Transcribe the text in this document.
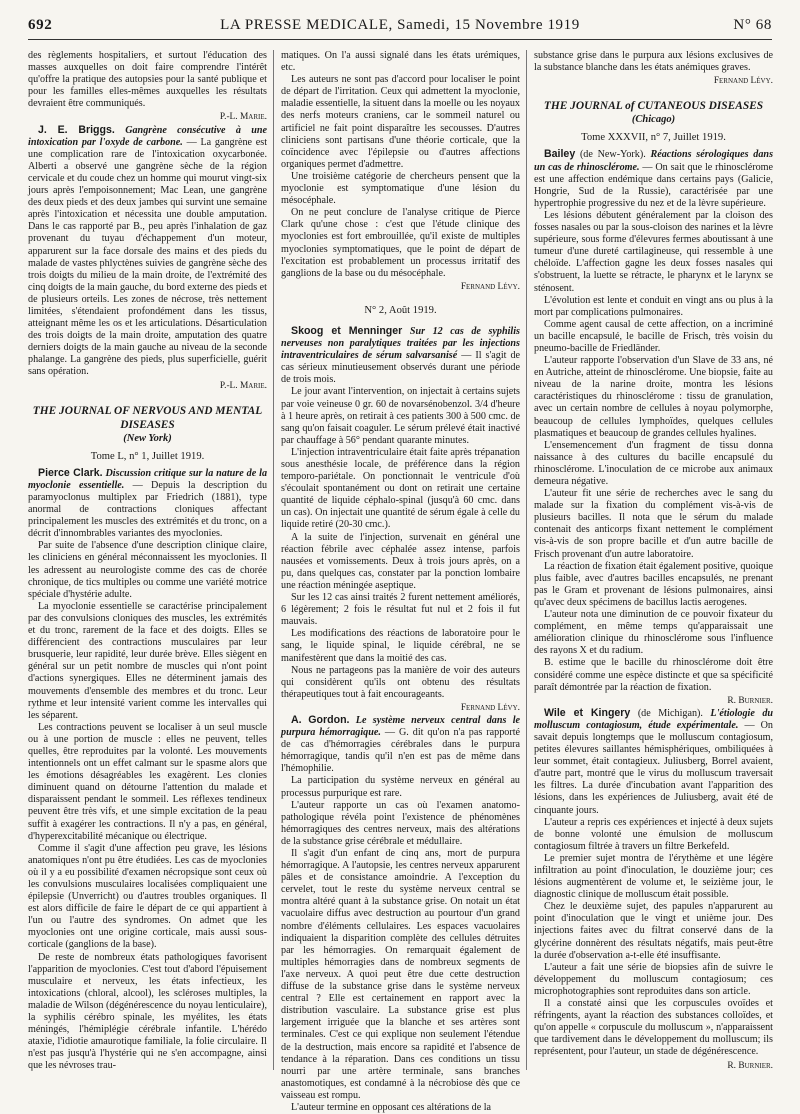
692	LA PRESSE MEDICALE, Samedi, 15 Novembre 1919	N° 68

des règlements hospitaliers, et surtout l'éducation des masses auxquelles on doit faire comprendre l'intérêt qu'offre la pratique des autopsies pour la santé publique et pour les familles elles-mêmes auxquelles les résultats devraient être communiqués.

P.-L. Marie.

J. E. Briggs. Gangrène consécutive à une intoxication par l'oxyde de carbone. — La gangrène est une complication rare de l'intoxication oxycarbonée. Alberti a observé une gangrène sèche de la région cervicale et du coude chez un homme qui mourut vingt-six jours après l'empoisonnement; Mac Lean, une gangrène des deux pieds et des deux jambes qui survint une semaine après l'intoxication et nécessita une double amputation. Dans le cas rapporté par B., peu après l'inhalation de gaz provenant du tuyau d'échappement d'un moteur, apparurent sur la face dorsale des mains et des pieds du malade de vastes phlyctènes suivies de gangrène sèche des trois doigts du milieu de la main droite, de l'extrémité des cinq doigts de la main gauche, du bord externe des pieds et de plusieurs orteils. Les zones de nécrose, très nettement limitées, s'étendaient profondément dans les tissus, atteignant même les os et les articulations. Désarticulation des trois doigts de la main droite, amputation des quatre derniers doigts de la main gauche au niveau de la seconde phalange. La gangrène des pieds, plus superficielle, guérit sans opération.

P.-L. Marie.
THE JOURNAL OF NERVOUS AND MENTAL DISEASES
(New York)
Tome L, n° 1, Juillet 1919.

Pierce Clark. Discussion critique sur la nature de la myoclonie essentielle. — Depuis la description du paramyoclonus multiplex par Friedrich (1881), type anormal de contractions cloniques affectant principalement les muscles des extrémités et du tronc, on a décrit d'innombrables variantes des myoclonies.

Par suite de l'absence d'une description clinique claire, les cliniciens en général méconnaissent les myoclonies. Il les adressent au neurologiste comme des cas de chorée chronique, de tics multiples ou comme une variété motrice spéciale d'hystérie adulte.

La myoclonie essentielle se caractérise principalement par des convulsions cloniques des muscles, les extrémités et du tronc, rarement de la face et des doigts. Elles se différencient des contractions musculaires par leur brusquerie, leur rapidité, leur durée brève. Elles siègent en général sur un petit nombre de muscles qui n'ont point d'actions synergiques. Elles ne déterminent jamais des mouvements d'ensemble des membres et du tronc. Leur rythme et leur intensité varient comme les intervalles qui les séparent.

Les contractions peuvent se localiser à un seul muscle ou à une portion de muscle : elles ne peuvent, telles quelles, être reproduites par la volonté. Les mouvements intentionnels ont un effet calmant sur le spasme alors que les émotions désagréables les exagèrent. Les clonies diminuent quand on détourne l'attention du malade et disparaissent pendant le sommeil. Les réflexes tendineux peuvent être très vifs, et une simple excitation de la peau suffit à exagérer les contractions. Il n'y a pas, en général, d'hyperexcitabilité mécanique ou électrique.

Comme il s'agit d'une affection peu grave, les lésions anatomiques n'ont pu être étudiées. Les cas de myoclonies où il y a eu possibilité d'examen nécropsique sont ceux où les convulsions musculaires localisées compliquaient une épilepsie (Unverricht) ou d'autres troubles organiques. Il est alors difficile de faire le départ de ce qui appartient à l'un ou l'autre des syndromes. On admet que les myoclonies ont une origine corticale, mais aussi sous-corticale (ganglions de la base).

De reste de nombreux états pathologiques favorisent l'apparition de myoclonies. C'est tout d'abord l'épuisement musculaire et nerveux, les états infectieux, les intoxications (chloral, alcool), les scléroses multiples, la maladie de Wilson (dégénérescence du noyau lenticulaire), la syphilis cérébro spinale, les myélites, les états méningés, l'hémiplégie cérébrale infantile. L'hérédo ataxie, l'idiotie amaurotique familiale, la folie circulaire. Il n'est pas jusqu'à l'hystérie qui ne s'en accompagne, ainsi que les névroses trau-

matiques. On l'a aussi signalé dans les états urémiques, etc.

Les auteurs ne sont pas d'accord pour localiser le point de départ de l'irritation. Ceux qui admettent la myoclonie, maladie essentielle, la situent dans la moelle ou les noyaux des nerfs moteurs craniens, car le sommeil naturel ou artificiel ne fait point disparaître les secousses. D'autres cliniciens sont partisans d'une théorie corticale, que la coïncidence avec l'épilepsie ou d'autres affections organiques permet d'admettre.

Une troisième catégorie de chercheurs pensent que la myoclonie est symptomatique d'une lésion du mésocéphale.

On ne peut conclure de l'analyse critique de Pierce Clark qu'une chose : c'est que l'étude clinique des myoclonies est fort embrouillée, qu'il existe de multiples myoclonies symptomatiques, que le point de départ de l'excitation est probablement un processus irritatif des ganglions de la base ou du mésocéphale.

Fernand Lévy.
N° 2, Août 1919.

Skoog et Menninger Sur 12 cas de syphilis nerveuses non paralytiques traitées par les injections intraventriculaires de sérum salvarsanisé — Il s'agit de cas sérieux minutieusement observés durant une période de trois mois.

Le jour avant l'intervention, on injectait à certains sujets par voie veineuse 0 gr. 60 de novarsénobenzol. 3/4 d'heure à 1 heure après, on retirait à ces patients 300 à 500 cmc. de sang qu'on faisait coaguler. Le sérum prélevé était inactivé par chauffage à 56° pendant quarante minutes.

L'injection intraventriculaire était faite après trépanation sous anesthésie locale, de préférence dans la région temporo-pariétale. On ponctionnait le ventricule d'où s'écoulait spontanément ou dont on retirait une certaine quantité de liquide céphalo-spinal (jusqu'à 60 cmc. dans un cas). On injectait une quantité de sérum égale à celle du liquide retiré (20-30 cmc.).

A la suite de l'injection, survenait en général une réaction fébrile avec céphalée assez intense, parfois nausées et vomissements. Deux à trois jours après, on a pu, dans quelques cas, constater par la ponction lombaire une réaction méningée aseptique.

Sur les 12 cas ainsi traités 2 furent nettement améliorés, 6 légèrement; 2 fois le résultat fut nul et 2 fois il fut mauvais.

Les modifications des réactions de laboratoire pour le sang, le liquide spinal, le liquide cérébral, ne se manifestèrent que dans la moitié des cas.

Nous ne partageons pas la manière de voir des auteurs qui considèrent qu'ils ont obtenu des résultats thérapeutiques tout à fait encourageants.

Fernand Lévy.

A. Gordon. Le système nerveux central dans le purpura hémorragique. — G. dit qu'on n'a pas rapporté de cas d'hémorragies cérébrales dans le purpura hémorragique, tandis qu'il n'en est pas de même dans l'hémophilie.

La participation du système nerveux en général au processus purpurique est rare.

L'auteur rapporte un cas où l'examen anatomo-pathologique révéla point l'existence de phénomènes hémorragiques des centres nerveux, mais des altérations de la substance grise cérébrale et médullaire.

Il s'agit d'un enfant de cinq ans, mort de purpura hémorragique. A l'autopsie, les centres nerveux apparurent pâles et de consistance amoindrie. A l'exception du cervelet, tout le reste du système nerveux central se montra altéré quant à la substance grise. On notait un état vacuolaire diffus avec destruction au pourtour d'un grand nombre d'éléments cellulaires. Les espaces vacuolaires indiquaient la disparition complète des cellules détruites par les hémorragies. On remarquait également de multiples hémorragies dans de nombreux segments de l'axe nerveux. A quoi peut être due cette destruction diffuse de la substance grise dans le système nerveux central ? Elle est certainement en rapport avec la distribution vasculaire. La substance grise est plus largement irriguée que la blanche et ses artères sont terminales. C'est ce qui explique non seulement l'étendue de la destruction, mais encore sa rapidité et l'absence de tendance à la réparation. Dans ces conditions un tissu nourri par une artère terminale, sans branches anastomotiques, est condamné à la nécrobiose dès que ce vaisseau est rompu.

L'auteur termine en opposant ces altérations de la

substance grise dans le purpura aux lésions exclusives de la substance blanche dans les états anémiques graves.

Fernand Lévy.
THE JOURNAL of CUTANEOUS DISEASES
(Chicago)
Tome XXXVII, n° 7, Juillet 1919.

Bailey (de New-York). Réactions sérologiques dans un cas de rhinosclérome. — On sait que le rhinosclérome est une affection endémique dans certains pays (Galicie, Hongrie, Sud de la Russie), caractérisée par une hypertrophie progressive du nez et de la lèvre supérieure.

Les lésions débutent généralement par la cloison des fosses nasales ou par la sous-cloison des narines et la lèvre supérieure, sous forme d'élevures fermes aboutissant à une tumeur d'une dureté cartilagineuse, qui ressemble à une chéloïde. L'affection gagne les deux fosses nasales qui s'obstruent, la luette se rétracte, le pharynx et le larynx se sténosent.

L'évolution est lente et conduit en vingt ans ou plus à la mort par complications pulmonaires.

Comme agent causal de cette affection, on a incriminé un bacille encapsulé, le bacille de Frisch, très voisin du pneumo-bacille de Friedländer.

L'auteur rapporte l'observation d'un Slave de 33 ans, né en Autriche, atteint de rhinosclérome. Une biopsie, faite au niveau de la narine droite, montra les lésions caractéristiques du rhinosclérome : tissu de granulation, avec un certain nombre de cellules à noyau polymorphe, beaucoup de cellules lymphoïdes, quelques cellules plasmatiques et beaucoup de grandes cellules hyalines.

L'ensemencement d'un fragment de tissu donna naissance à des cultures du bacille encapsulé du rhinosclérome. L'inoculation de ce microbe aux animaux demeura négative.

L'auteur fit une série de recherches avec le sang du malade sur la fixation du complément vis-à-vis de plusieurs bacilles. Il nota que le sérum du malade contenait des anticorps fixant nettement le complément vis-à-vis de son propre bacille et d'un autre bacille de Frisch provenant d'un autre laboratoire.

La réaction de fixation était également positive, quoique plus faible, avec d'autres bacilles encapsulés, ne prenant pas le Gram et provenant de lésions pulmonaires, ainsi qu'avec deux spécimens de bacillus lactis aerogenes.

L'auteur nota une diminution de ce pouvoir fixateur du complément, en même temps qu'apparaissait une amélioration clinique du rhinosclérome sous l'influence des rayons X et du radium.

B. estime que le bacille du rhinosclérome doit être considéré comme une espèce distincte et que sa spécificité paraît démontrée par la réaction de fixation.

R. Burnier.

Wile et Kingery (de Michigan). L'étiologie du molluscum contagiosum, étude expérimentale. — On savait depuis longtemps que le molluscum contagiosum, petites élevures saillantes hémisphériques, ombiliquées à leur sommet, était contagieux. Juliusberg, Borrel avaient, d'autre part, montré que le virus du molluscum traversait les filtres. La durée d'incubation avant l'apparition des lésions, dans les expériences de Juliusberg, avait été de cinquante jours.

L'auteur a repris ces expériences et injecté à deux sujets de bonne volonté une émulsion de molluscum contagiosum filtrée à travers un filtre Berkefeld.

Le premier sujet montra de l'érythème et une légère infiltration au point d'inoculation, le douzième jour; ces lésions augmentèrent de volume et, le seizième jour, le diagnostic clinique de molluscum était possible.

Chez le deuxième sujet, des papules n'apparurent au point d'inoculation que le vingt et unième jour. Des injections faites avec du filtrat conservé dans de la glycérine donnèrent des résultats négatifs, mais peut-être la durée d'observation a-t-elle été insuffisante.

L'auteur a fait une série de biopsies afin de suivre le développement du molluscum contagiosum; ces microphotographies sont reproduites dans son article.

Il a constaté ainsi que les corpuscules ovoïdes et réfringents, ayant la réaction des substances colloïdes, et qu'on appelle « corpuscule du molluscum », n'apparaissent que tardivement dans le développement du molluscum; ils représentent, pour l'auteur, un stade de dégénérescence.

R. Burnier.
